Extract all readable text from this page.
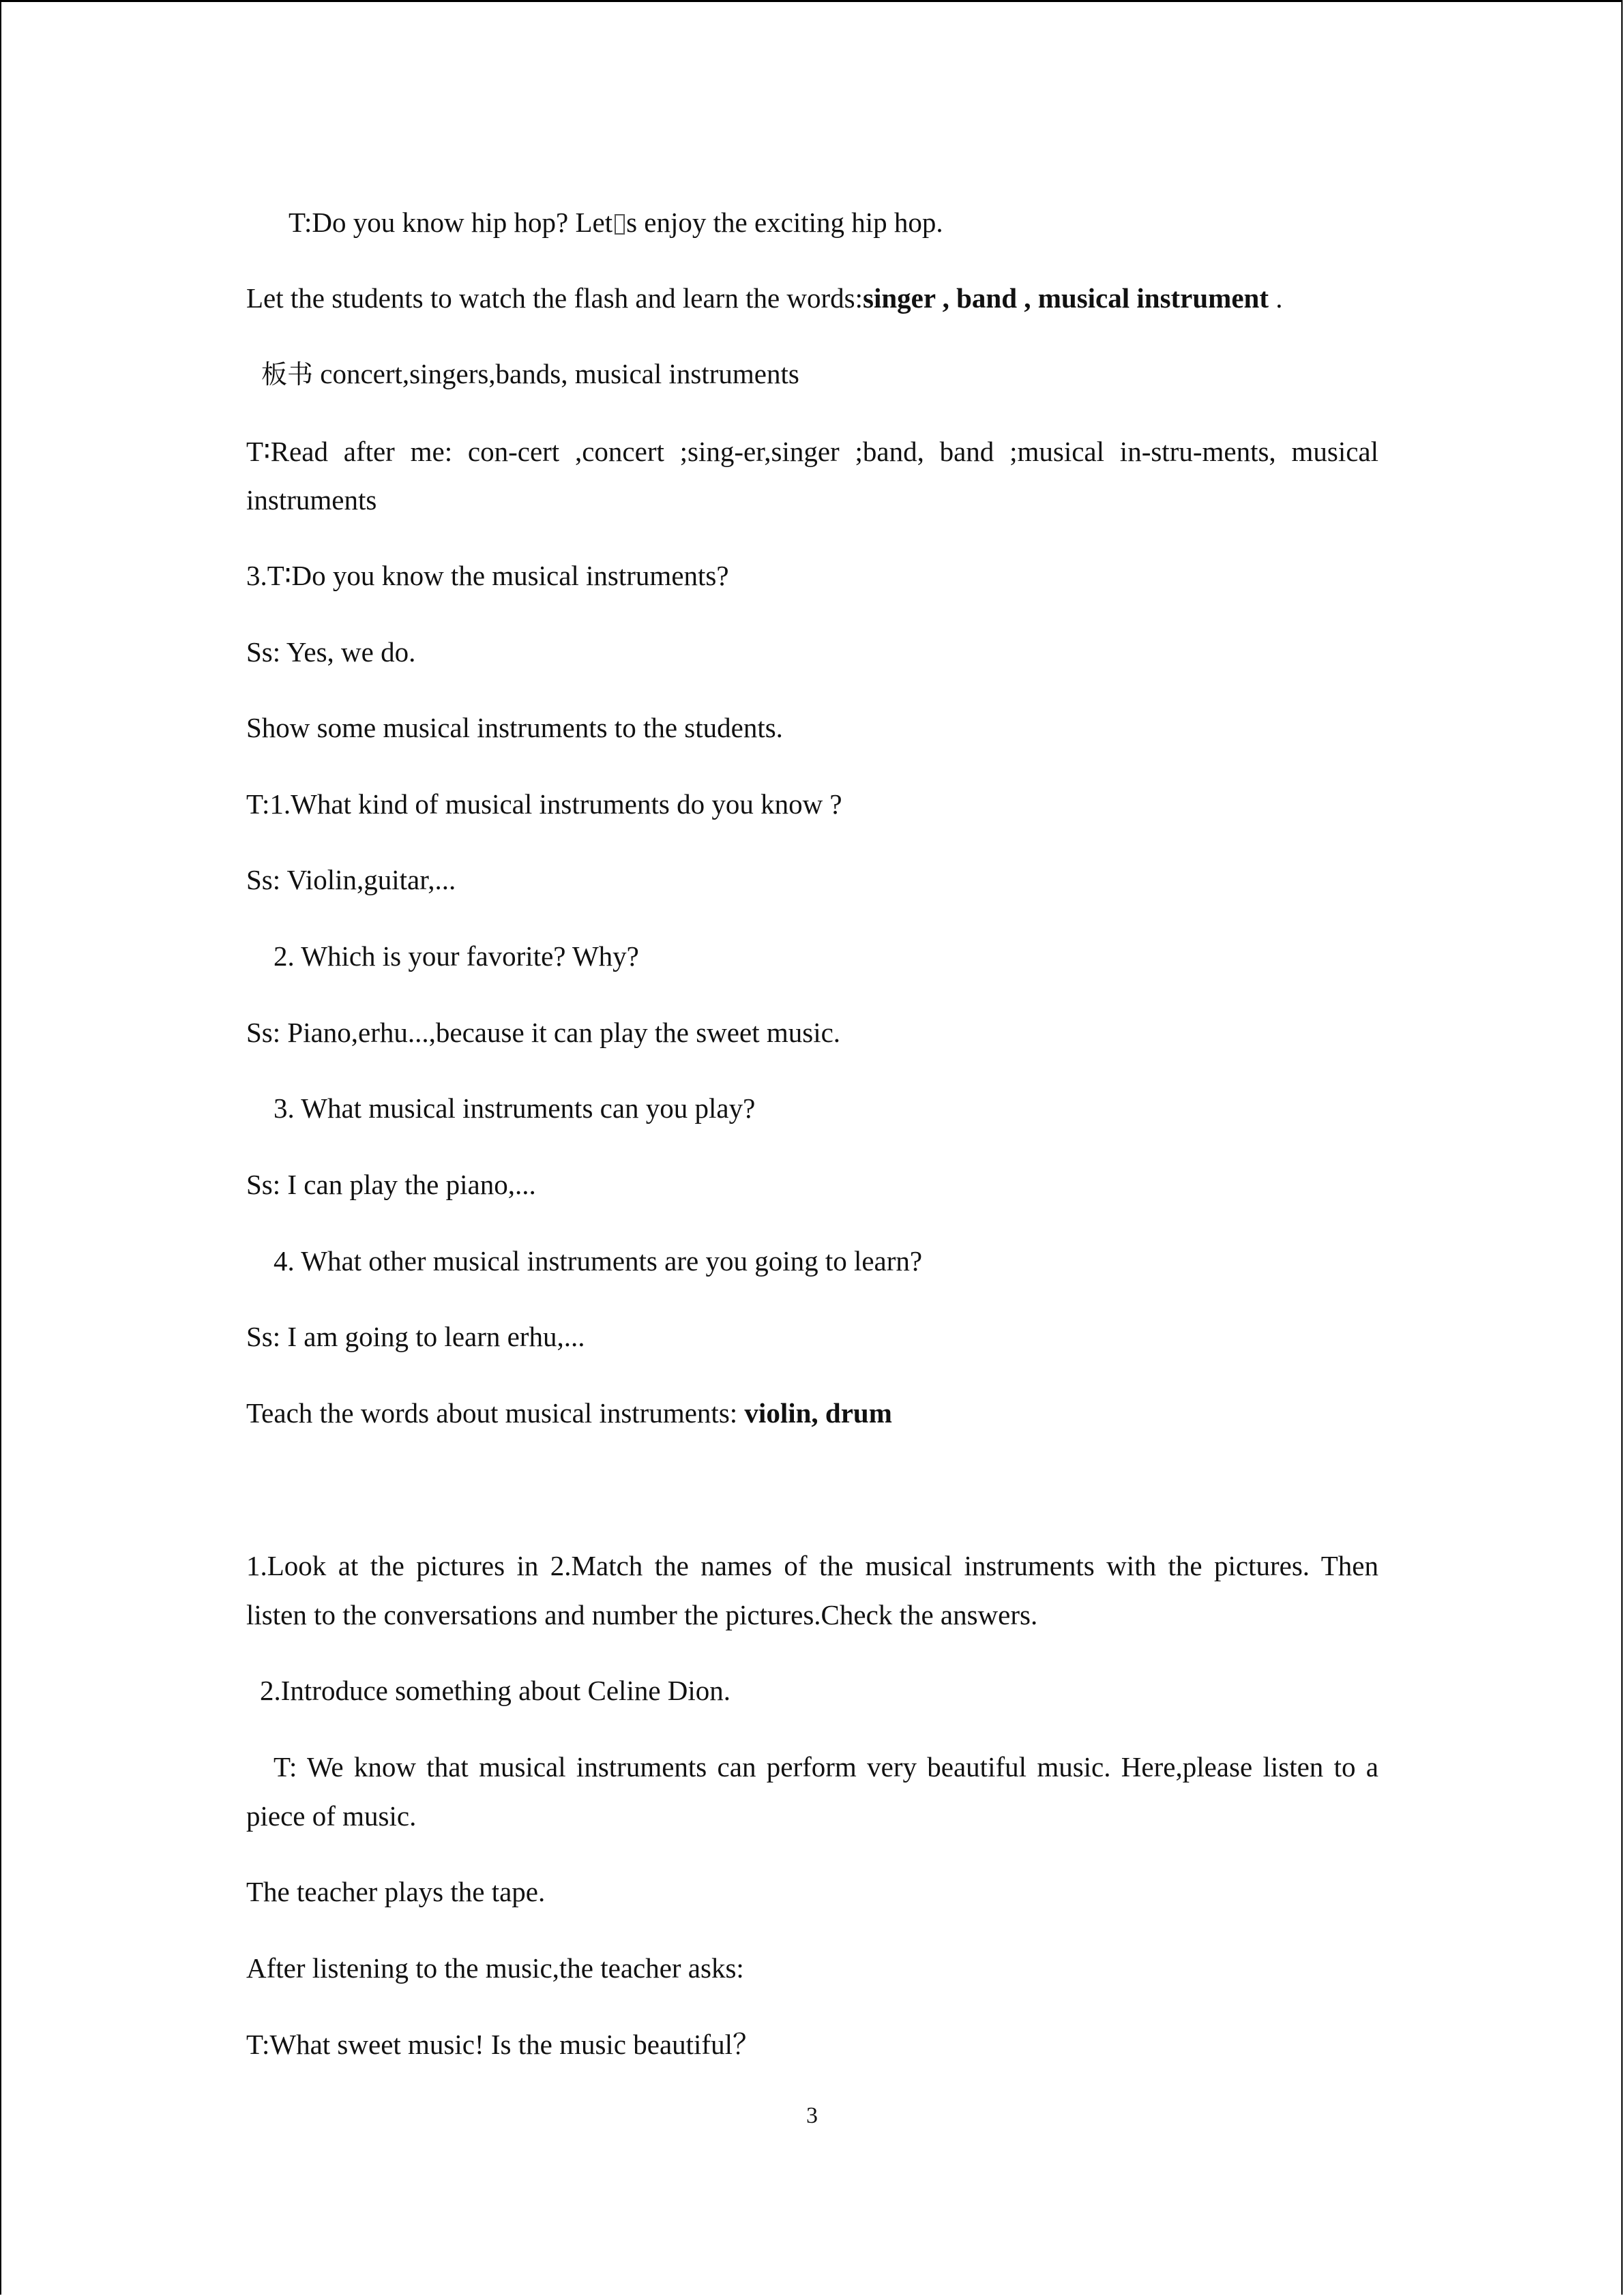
T:Do you know hip hop? Let s enjoy the exciting hip hop.
Let the students to watch the flash and learn the words:singer , band , musical instrument .
板书 concert,singers,bands, musical instruments
T∶Read after me: con-cert ,concert ;sing-er,singer ;band, band ;musical in-stru-ments, musical
instruments
3.T∶Do you know the musical instruments?
Ss: Yes, we do.
Show some musical instruments to the students.
T:1.What kind of musical instruments do you know ?
Ss: Violin,guitar,...
2. Which is your favorite? Why?
Ss: Piano,erhu...,because it can play the sweet music.
3. What musical instruments can you play?
Ss: I can play the piano,...
4. What other musical instruments are you going to learn?
Ss: I am going to learn erhu,...
Teach the words about musical instruments: violin, drum
1.Look at the pictures in 2.Match the names of the musical instruments with the pictures. Then
listen to the conversations and number the pictures.Check the answers.
2.Introduce something about Celine Dion.
T: We know that musical instruments can perform very beautiful music. Here,please listen to a
piece of music.
The teacher plays the tape.
After listening to the music,the teacher asks:
T:What sweet music! Is the music beautiful？
3
